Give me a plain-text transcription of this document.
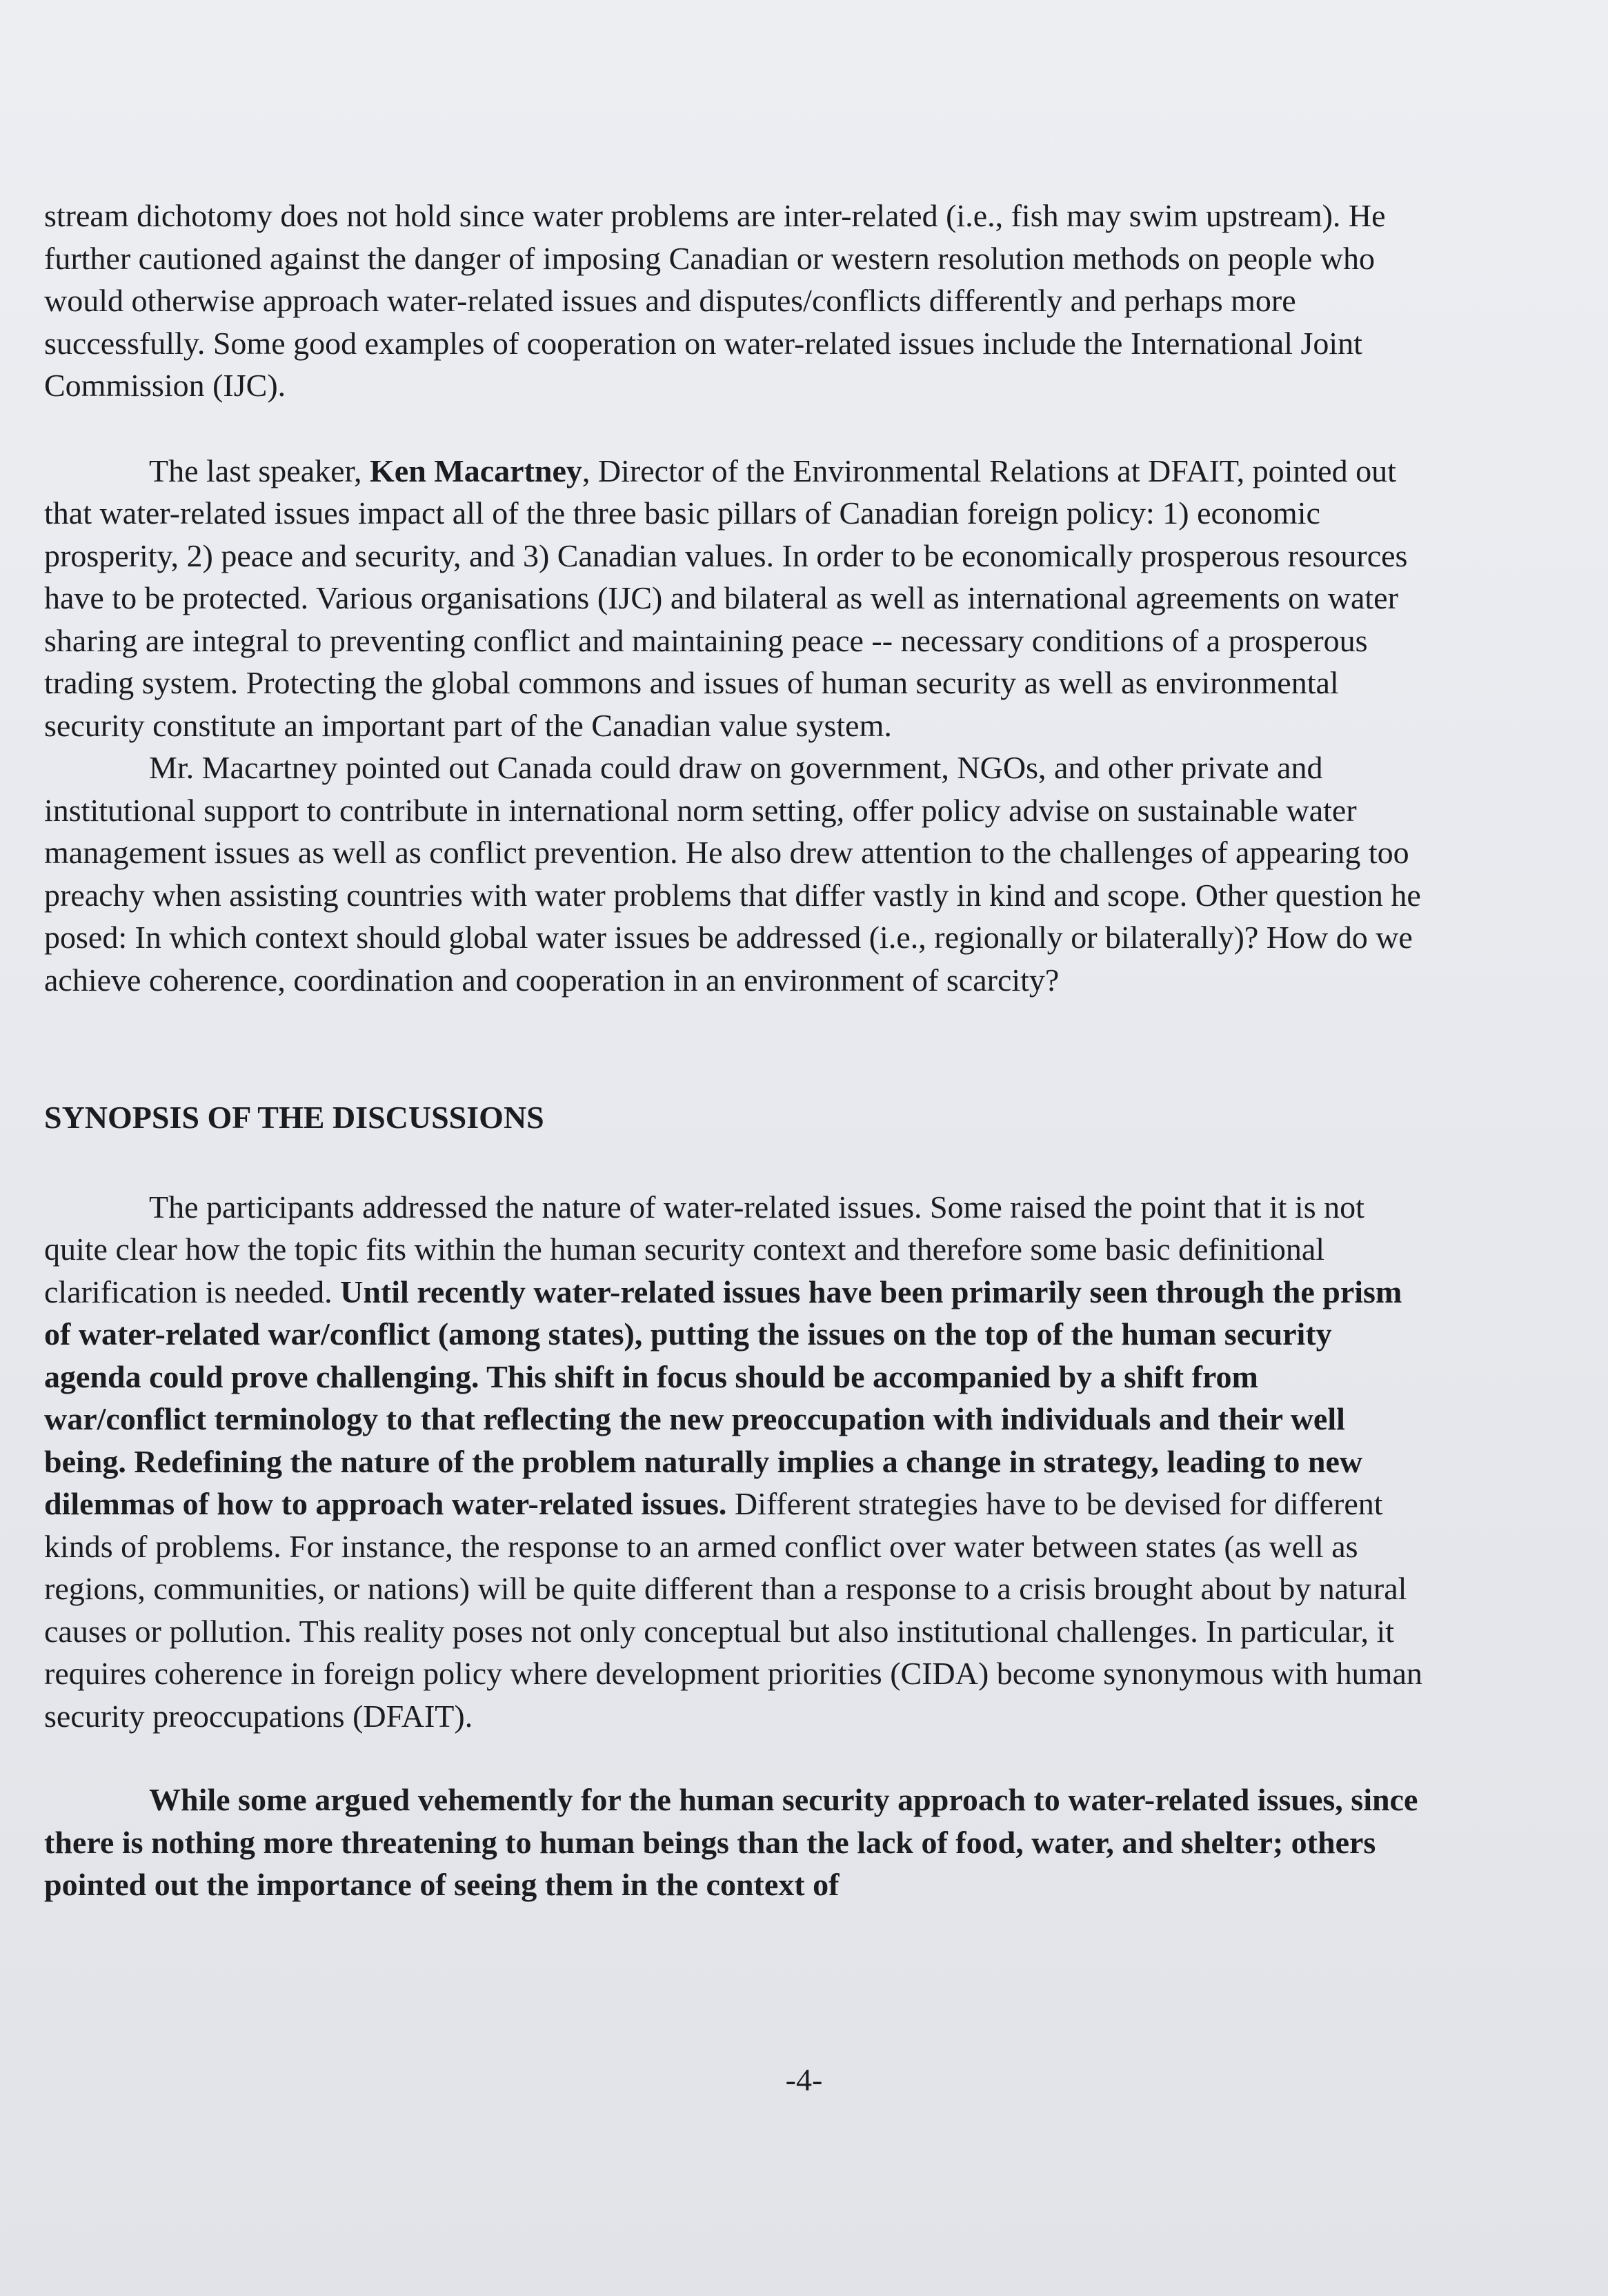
stream dichotomy does not hold since water problems are inter-related (i.e., fish may swim upstream). He further cautioned against the danger of imposing Canadian or western resolution methods on people who would otherwise approach water-related issues and disputes/conflicts differently and perhaps more successfully. Some good examples of cooperation on water-related issues include the International Joint Commission (IJC).

The last speaker, Ken Macartney, Director of the Environmental Relations at DFAIT, pointed out that water-related issues impact all of the three basic pillars of Canadian foreign policy: 1) economic prosperity, 2) peace and security, and 3) Canadian values. In order to be economically prosperous resources have to be protected. Various organisations (IJC) and bilateral as well as international agreements on water sharing are integral to preventing conflict and maintaining peace -- necessary conditions of a prosperous trading system. Protecting the global commons and issues of human security as well as environmental security constitute an important part of the Canadian value system.

Mr. Macartney pointed out Canada could draw on government, NGOs, and other private and institutional support to contribute in international norm setting, offer policy advise on sustainable water management issues as well as conflict prevention. He also drew attention to the challenges of appearing too preachy when assisting countries with water problems that differ vastly in kind and scope. Other question he posed: In which context should global water issues be addressed (i.e., regionally or bilaterally)? How do we achieve coherence, coordination and cooperation in an environment of scarcity?

SYNOPSIS OF THE DISCUSSIONS

The participants addressed the nature of water-related issues. Some raised the point that it is not quite clear how the topic fits within the human security context and therefore some basic definitional clarification is needed. Until recently water-related issues have been primarily seen through the prism of water-related war/conflict (among states), putting the issues on the top of the human security agenda could prove challenging. This shift in focus should be accompanied by a shift from war/conflict terminology to that reflecting the new preoccupation with individuals and their well being. Redefining the nature of the problem naturally implies a change in strategy, leading to new dilemmas of how to approach water-related issues. Different strategies have to be devised for different kinds of problems. For instance, the response to an armed conflict over water between states (as well as regions, communities, or nations) will be quite different than a response to a crisis brought about by natural causes or pollution. This reality poses not only conceptual but also institutional challenges. In particular, it requires coherence in foreign policy where development priorities (CIDA) become synonymous with human security preoccupations (DFAIT).

While some argued vehemently for the human security approach to water-related issues, since there is nothing more threatening to human beings than the lack of food, water, and shelter; others pointed out the importance of seeing them in the context of

-4-
